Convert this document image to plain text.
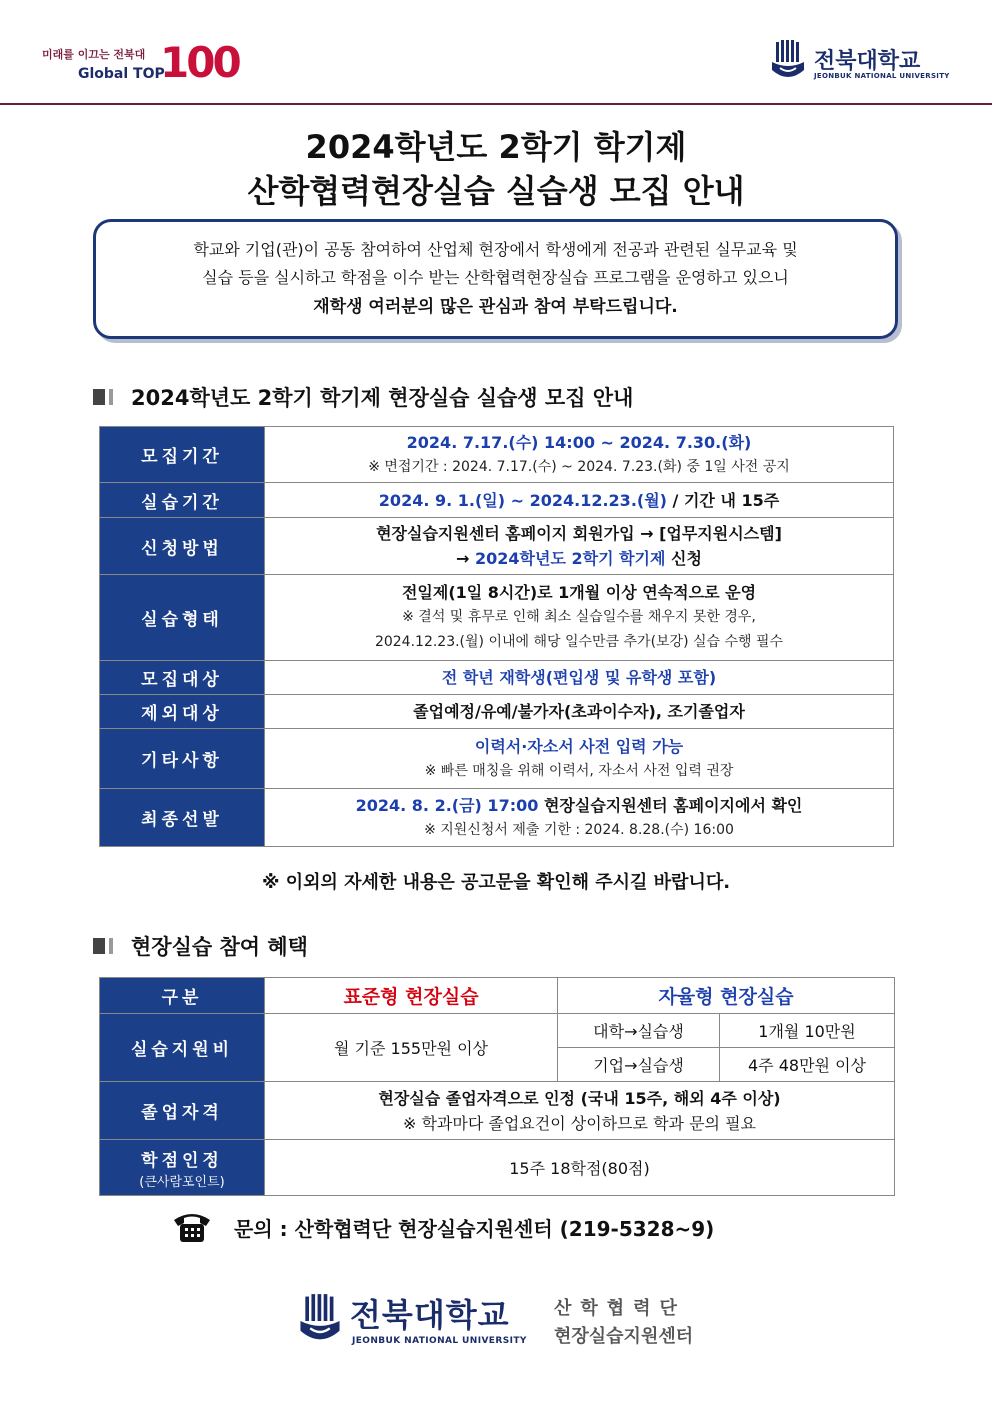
미래를 이끄는 전북대
Global TOP
100	전북대학교
JEONBUK NATIONAL UNIVERSITY
2024학년도 2학기 학기제
산학협력현장실습 실습생 모집 안내
학교와 기업(관)이 공동 참여하여 산업체 현장에서 학생에게 전공과 관련된 실무교육 및
실습 등을 실시하고 학점을 이수 받는 산학협력현장실습 프로그램을 운영하고 있으니
재학생 여러분의 많은 관심과 참여 부탁드립니다.
2024학년도 2학기 학기제 현장실습 실습생 모집 안내
모집기간	2024. 7.17.(수) 14:00 ~ 2024. 7.30.(화)
※ 면접기간 : 2024. 7.17.(수) ~ 2024. 7.23.(화) 중 1일 사전 공지

실습기간	2024. 9. 1.(일) ~ 2024.12.23.(월) / 기간 내 15주
신청방법	현장실습지원센터 홈페이지 회원가입 → [업무지원시스템]
→ 2024학년도 2학기 학기제 신청

실습형태	전일제(1일 8시간)로 1개월 이상 연속적으로 운영
※ 결석 및 휴무로 인해 최소 실습일수를 채우지 못한 경우,
2024.12.23.(월) 이내에 해당 일수만큼 추가(보강) 실습 수행 필수

모집대상	전 학년 재학생(편입생 및 유학생 포함)
제외대상	졸업예정/유예/불가자(초과이수자), 조기졸업자
기타사항	이력서·자소서 사전 입력 가능
※ 빠른 매칭을 위해 이력서, 자소서 사전 입력 권장

최종선발	2024. 8. 2.(금) 17:00 현장실습지원센터 홈페이지에서 확인
※ 지원신청서 제출 기한 : 2024. 8.28.(수) 16:00
※ 이외의 자세한 내용은 공고문을 확인해 주시길 바랍니다.
현장실습 참여 혜택
구분	표준형 현장실습	자율형 현장실습	
실습지원비	월 기준 155만원 이상	대학→실습생	1개월 10만원
		기업→실습생	4주 48만원 이상
졸업자격	현장실습 졸업자격으로 인정 (국내 15주, 해외 4주 이상)
※ 학과마다 졸업요건이 상이하므로 학과 문의 필요		

학점인정
(큰사람포인트)	15주 18학점(80점)		
문의 : 산학협력단 현장실습지원센터 (219-5328~9)
전북대학교
JEONBUK NATIONAL UNIVERSITY
산학협력단
현장실습지원센터
